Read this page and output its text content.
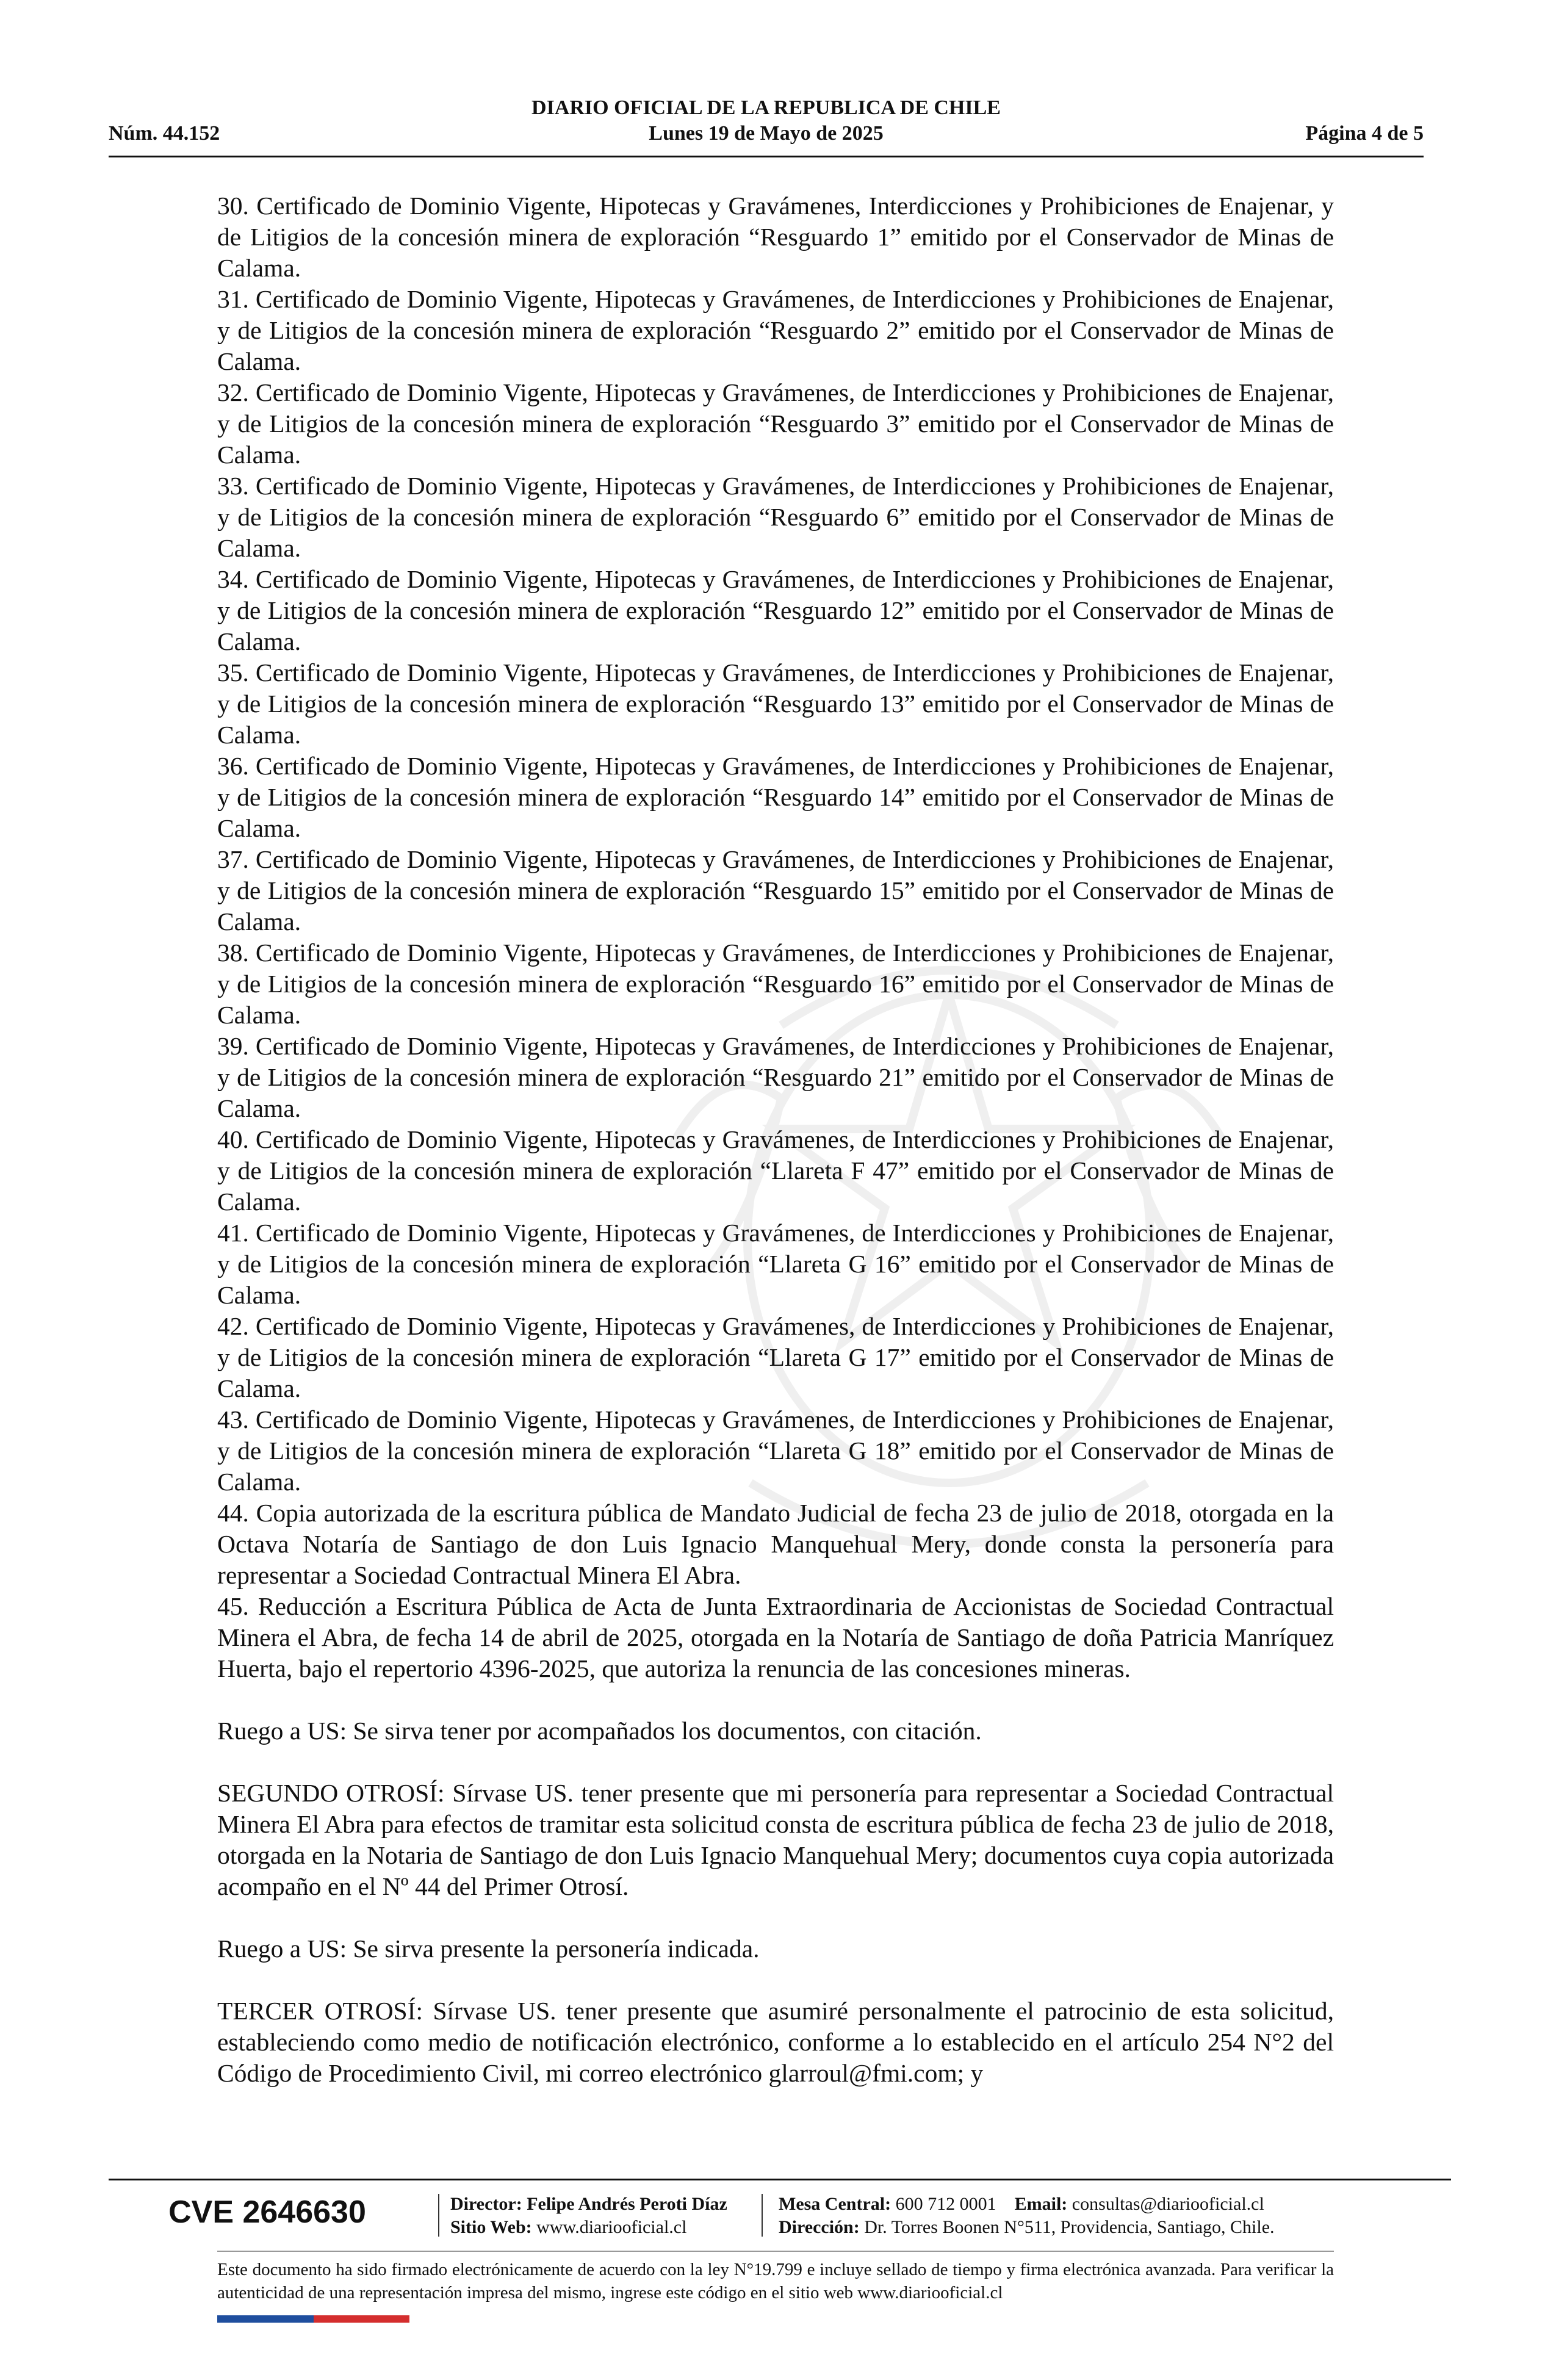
DIARIO OFICIAL DE LA REPUBLICA DE CHILE
Núm. 44.152	Lunes 19 de Mayo de 2025	Página 4 de 5

30. Certificado de Dominio Vigente, Hipotecas y Gravámenes, Interdicciones y Prohibiciones de Enajenar, y de Litigios de la concesión minera de exploración “Resguardo 1” emitido por el Conservador de Minas de Calama.

31. Certificado de Dominio Vigente, Hipotecas y Gravámenes, de Interdicciones y Prohibiciones de Enajenar, y de Litigios de la concesión minera de exploración “Resguardo 2” emitido por el Conservador de Minas de Calama.

32. Certificado de Dominio Vigente, Hipotecas y Gravámenes, de Interdicciones y Prohibiciones de Enajenar, y de Litigios de la concesión minera de exploración “Resguardo 3” emitido por el Conservador de Minas de Calama.

33. Certificado de Dominio Vigente, Hipotecas y Gravámenes, de Interdicciones y Prohibiciones de Enajenar, y de Litigios de la concesión minera de exploración “Resguardo 6” emitido por el Conservador de Minas de Calama.

34. Certificado de Dominio Vigente, Hipotecas y Gravámenes, de Interdicciones y Prohibiciones de Enajenar, y de Litigios de la concesión minera de exploración “Resguardo 12” emitido por el Conservador de Minas de Calama.

35. Certificado de Dominio Vigente, Hipotecas y Gravámenes, de Interdicciones y Prohibiciones de Enajenar, y de Litigios de la concesión minera de exploración “Resguardo 13” emitido por el Conservador de Minas de Calama.

36. Certificado de Dominio Vigente, Hipotecas y Gravámenes, de Interdicciones y Prohibiciones de Enajenar, y de Litigios de la concesión minera de exploración “Resguardo 14” emitido por el Conservador de Minas de Calama.

37. Certificado de Dominio Vigente, Hipotecas y Gravámenes, de Interdicciones y Prohibiciones de Enajenar, y de Litigios de la concesión minera de exploración “Resguardo 15” emitido por el Conservador de Minas de Calama.

38. Certificado de Dominio Vigente, Hipotecas y Gravámenes, de Interdicciones y Prohibiciones de Enajenar, y de Litigios de la concesión minera de exploración “Resguardo 16” emitido por el Conservador de Minas de Calama.

39. Certificado de Dominio Vigente, Hipotecas y Gravámenes, de Interdicciones y Prohibiciones de Enajenar, y de Litigios de la concesión minera de exploración “Resguardo 21” emitido por el Conservador de Minas de Calama.

40. Certificado de Dominio Vigente, Hipotecas y Gravámenes, de Interdicciones y Prohibiciones de Enajenar, y de Litigios de la concesión minera de exploración “Llareta F 47” emitido por el Conservador de Minas de Calama.

41. Certificado de Dominio Vigente, Hipotecas y Gravámenes, de Interdicciones y Prohibiciones de Enajenar, y de Litigios de la concesión minera de exploración “Llareta G 16” emitido por el Conservador de Minas de Calama.

42. Certificado de Dominio Vigente, Hipotecas y Gravámenes, de Interdicciones y Prohibiciones de Enajenar, y de Litigios de la concesión minera de exploración “Llareta G 17” emitido por el Conservador de Minas de Calama.

43. Certificado de Dominio Vigente, Hipotecas y Gravámenes, de Interdicciones y Prohibiciones de Enajenar, y de Litigios de la concesión minera de exploración “Llareta G 18” emitido por el Conservador de Minas de Calama.

44. Copia autorizada de la escritura pública de Mandato Judicial de fecha 23 de julio de 2018, otorgada en la Octava Notaría de Santiago de don Luis Ignacio Manquehual Mery, donde consta la personería para representar a Sociedad Contractual Minera El Abra.

45. Reducción a Escritura Pública de Acta de Junta Extraordinaria de Accionistas de Sociedad Contractual Minera el Abra, de fecha 14 de abril de 2025, otorgada en la Notaría de Santiago de doña Patricia Manríquez Huerta, bajo el repertorio 4396-2025, que autoriza la renuncia de las concesiones mineras.

Ruego a US: Se sirva tener por acompañados los documentos, con citación.

SEGUNDO OTROSÍ: Sírvase US. tener presente que mi personería para representar a Sociedad Contractual Minera El Abra para efectos de tramitar esta solicitud consta de escritura pública de fecha 23 de julio de 2018, otorgada en la Notaria de Santiago de don Luis Ignacio Manquehual Mery; documentos cuya copia autorizada acompaño en el Nº 44 del Primer Otrosí.

Ruego a US: Se sirva presente la personería indicada.

TERCER OTROSÍ: Sírvase US. tener presente que asumiré personalmente el patrocinio de esta solicitud, estableciendo como medio de notificación electrónico, conforme a lo establecido en el artículo 254 N°2 del Código de Procedimiento Civil, mi correo electrónico glarroul@fmi.com; y

CVE 2646630	Director: Felipe Andrés Peroti Díaz
Sitio Web: www.diariooficial.cl
Mesa Central: 600 712 0001 Email: consultas@diariooficial.cl
Dirección: Dr. Torres Boonen N°511, Providencia, Santiago, Chile.
Este documento ha sido firmado electrónicamente de acuerdo con la ley N°19.799 e incluye sellado de tiempo y firma electrónica avanzada. Para verificar la autenticidad de una representación impresa del mismo, ingrese este código en el sitio web www.diariooficial.cl
